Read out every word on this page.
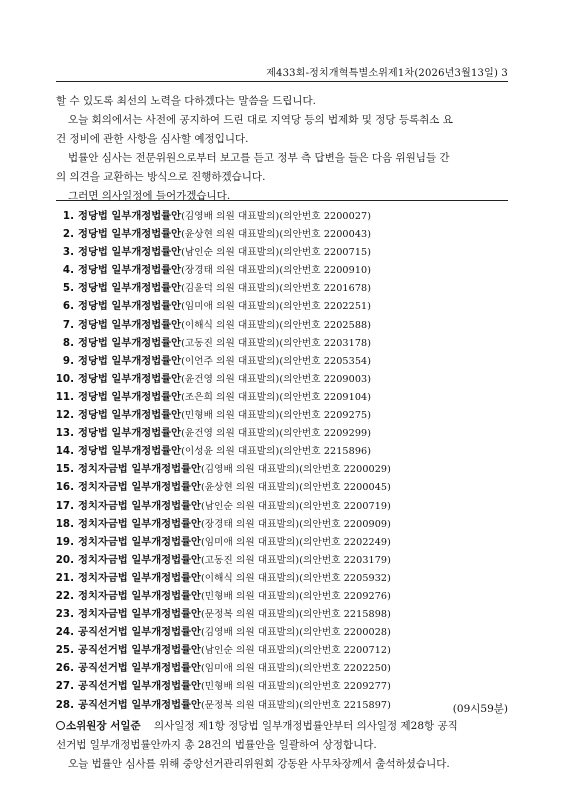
제433회-정치개혁특별소위제1차(2026년3월13일) 3

할 수 있도록 최선의 노력을 다하겠다는 말씀을 드립니다.

오늘 회의에서는 사전에 공지하여 드린 대로 지역당 등의 법제화 및 정당 등록취소 요

건 정비에 관한 사항을 심사할 예정입니다.

법률안 심사는 전문위원으로부터 보고를 듣고 정부 측 답변을 들은 다음 위원님들 간

의 의견을 교환하는 방식으로 진행하겠습니다.

그러면 의사일정에 들어가겠습니다.

1. 정당법 일부개정법률안(김영배 의원 대표발의)(의안번호 2200027)
2. 정당법 일부개정법률안(윤상현 의원 대표발의)(의안번호 2200043)
3. 정당법 일부개정법률안(남인순 의원 대표발의)(의안번호 2200715)
4. 정당법 일부개정법률안(장경태 의원 대표발의)(의안번호 2200910)
5. 정당법 일부개정법률안(김윤덕 의원 대표발의)(의안번호 2201678)
6. 정당법 일부개정법률안(임미애 의원 대표발의)(의안번호 2202251)
7. 정당법 일부개정법률안(이해식 의원 대표발의)(의안번호 2202588)
8. 정당법 일부개정법률안(고동진 의원 대표발의)(의안번호 2203178)
9. 정당법 일부개정법률안(이언주 의원 대표발의)(의안번호 2205354)
10. 정당법 일부개정법률안(윤건영 의원 대표발의)(의안번호 2209003)
11. 정당법 일부개정법률안(조은희 의원 대표발의)(의안번호 2209104)
12. 정당법 일부개정법률안(민형배 의원 대표발의)(의안번호 2209275)
13. 정당법 일부개정법률안(윤건영 의원 대표발의)(의안번호 2209299)
14. 정당법 일부개정법률안(이성윤 의원 대표발의)(의안번호 2215896)
15. 정치자금법 일부개정법률안(김영배 의원 대표발의)(의안번호 2200029)
16. 정치자금법 일부개정법률안(윤상현 의원 대표발의)(의안번호 2200045)
17. 정치자금법 일부개정법률안(남인순 의원 대표발의)(의안번호 2200719)
18. 정치자금법 일부개정법률안(장경태 의원 대표발의)(의안번호 2200909)
19. 정치자금법 일부개정법률안(임미애 의원 대표발의)(의안번호 2202249)
20. 정치자금법 일부개정법률안(고동진 의원 대표발의)(의안번호 2203179)
21. 정치자금법 일부개정법률안(이해식 의원 대표발의)(의안번호 2205932)
22. 정치자금법 일부개정법률안(민형배 의원 대표발의)(의안번호 2209276)
23. 정치자금법 일부개정법률안(문정복 의원 대표발의)(의안번호 2215898)
24. 공직선거법 일부개정법률안(김영배 의원 대표발의)(의안번호 2200028)
25. 공직선거법 일부개정법률안(남인순 의원 대표발의)(의안번호 2200712)
26. 공직선거법 일부개정법률안(임미애 의원 대표발의)(의안번호 2202250)
27. 공직선거법 일부개정법률안(민형배 의원 대표발의)(의안번호 2209277)
28. 공직선거법 일부개정법률안(문정복 의원 대표발의)(의안번호 2215897)	(09시59분)

소위원장 서일준 의사일정 제1항 정당법 일부개정법률안부터 의사일정 제28항 공직

선거법 일부개정법률안까지 총 28건의 법률안을 일괄하여 상정합니다.

오늘 법률안 심사를 위해 중앙선거관리위원회 강동완 사무차장께서 출석하셨습니다.
